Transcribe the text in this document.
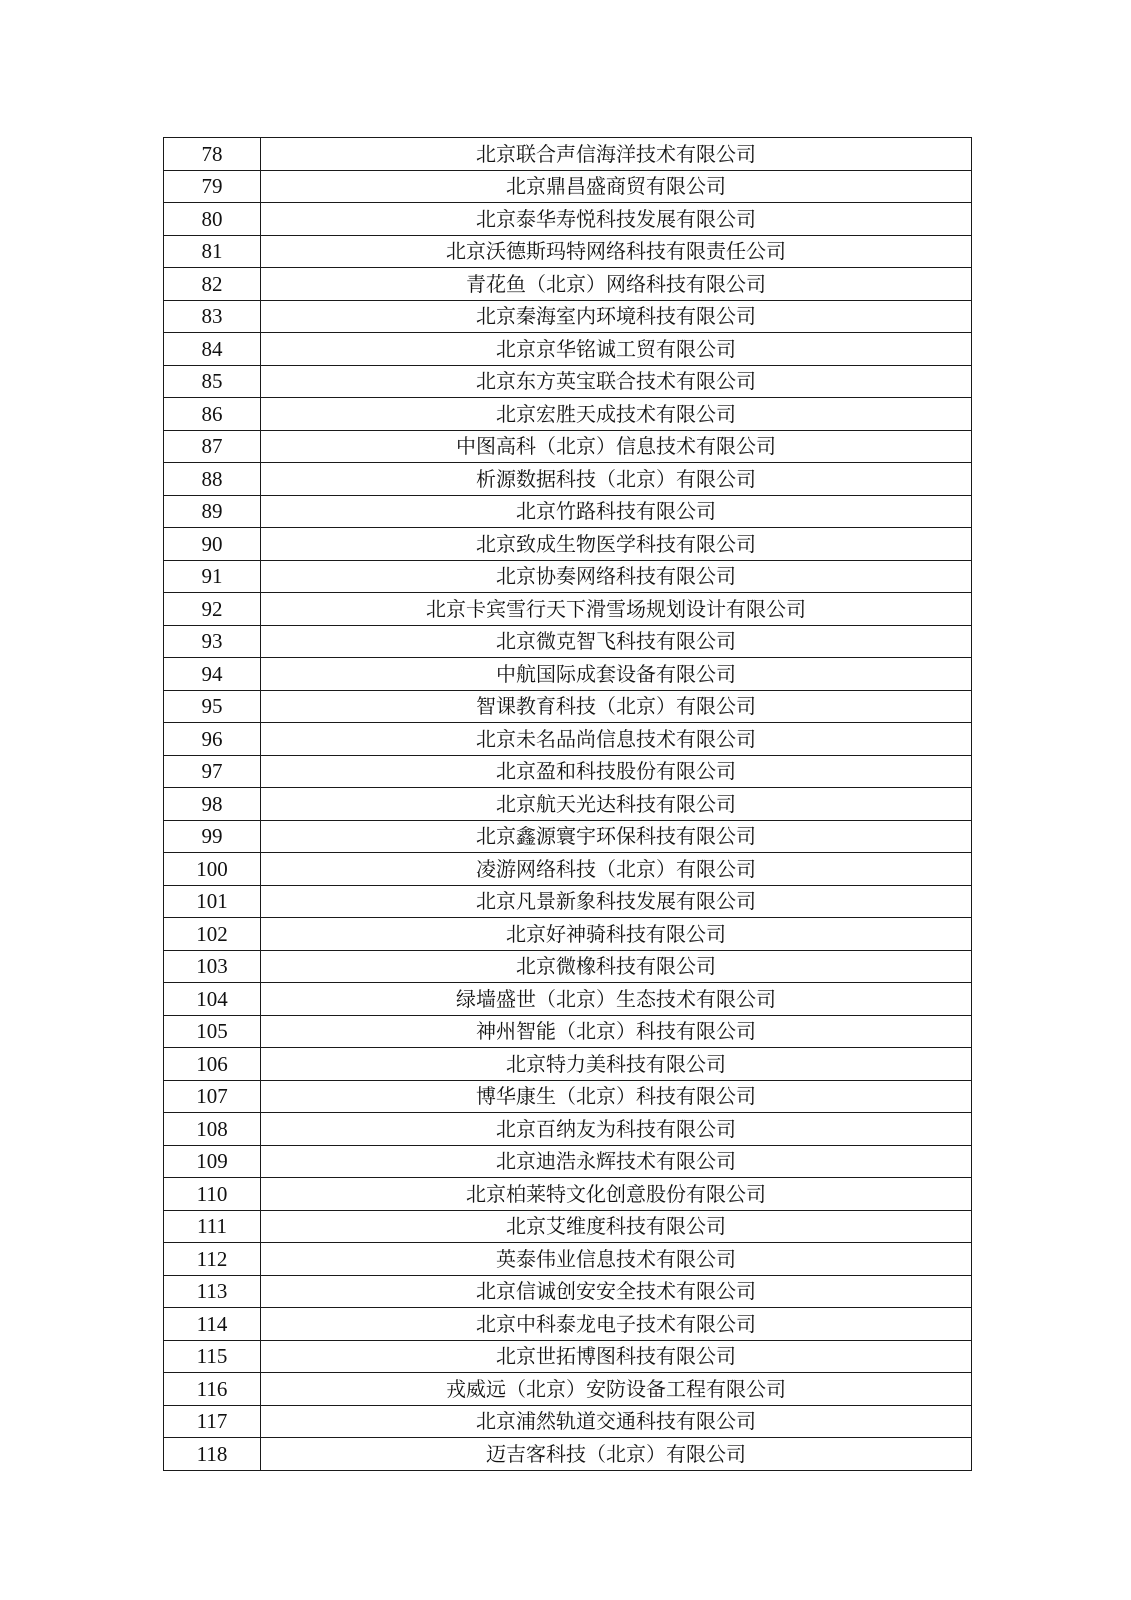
78	北京联合声信海洋技术有限公司
79	北京鼎昌盛商贸有限公司
80	北京泰华寿悦科技发展有限公司
81	北京沃德斯玛特网络科技有限责任公司
82	青花鱼（北京）网络科技有限公司
83	北京秦海室内环境科技有限公司
84	北京京华铭诚工贸有限公司
85	北京东方英宝联合技术有限公司
86	北京宏胜天成技术有限公司
87	中图高科（北京）信息技术有限公司
88	析源数据科技（北京）有限公司
89	北京竹路科技有限公司
90	北京致成生物医学科技有限公司
91	北京协奏网络科技有限公司
92	北京卡宾雪行天下滑雪场规划设计有限公司
93	北京微克智飞科技有限公司
94	中航国际成套设备有限公司
95	智课教育科技（北京）有限公司
96	北京未名品尚信息技术有限公司
97	北京盈和科技股份有限公司
98	北京航天光达科技有限公司
99	北京鑫源寰宇环保科技有限公司
100	凌游网络科技（北京）有限公司
101	北京凡景新象科技发展有限公司
102	北京好神骑科技有限公司
103	北京微橡科技有限公司
104	绿墙盛世（北京）生态技术有限公司
105	神州智能（北京）科技有限公司
106	北京特力美科技有限公司
107	博华康生（北京）科技有限公司
108	北京百纳友为科技有限公司
109	北京迪浩永辉技术有限公司
110	北京柏莱特文化创意股份有限公司
111	北京艾维度科技有限公司
112	英泰伟业信息技术有限公司
113	北京信诚创安安全技术有限公司
114	北京中科泰龙电子技术有限公司
115	北京世拓博图科技有限公司
116	戎威远（北京）安防设备工程有限公司
117	北京浦然轨道交通科技有限公司
118	迈吉客科技（北京）有限公司
